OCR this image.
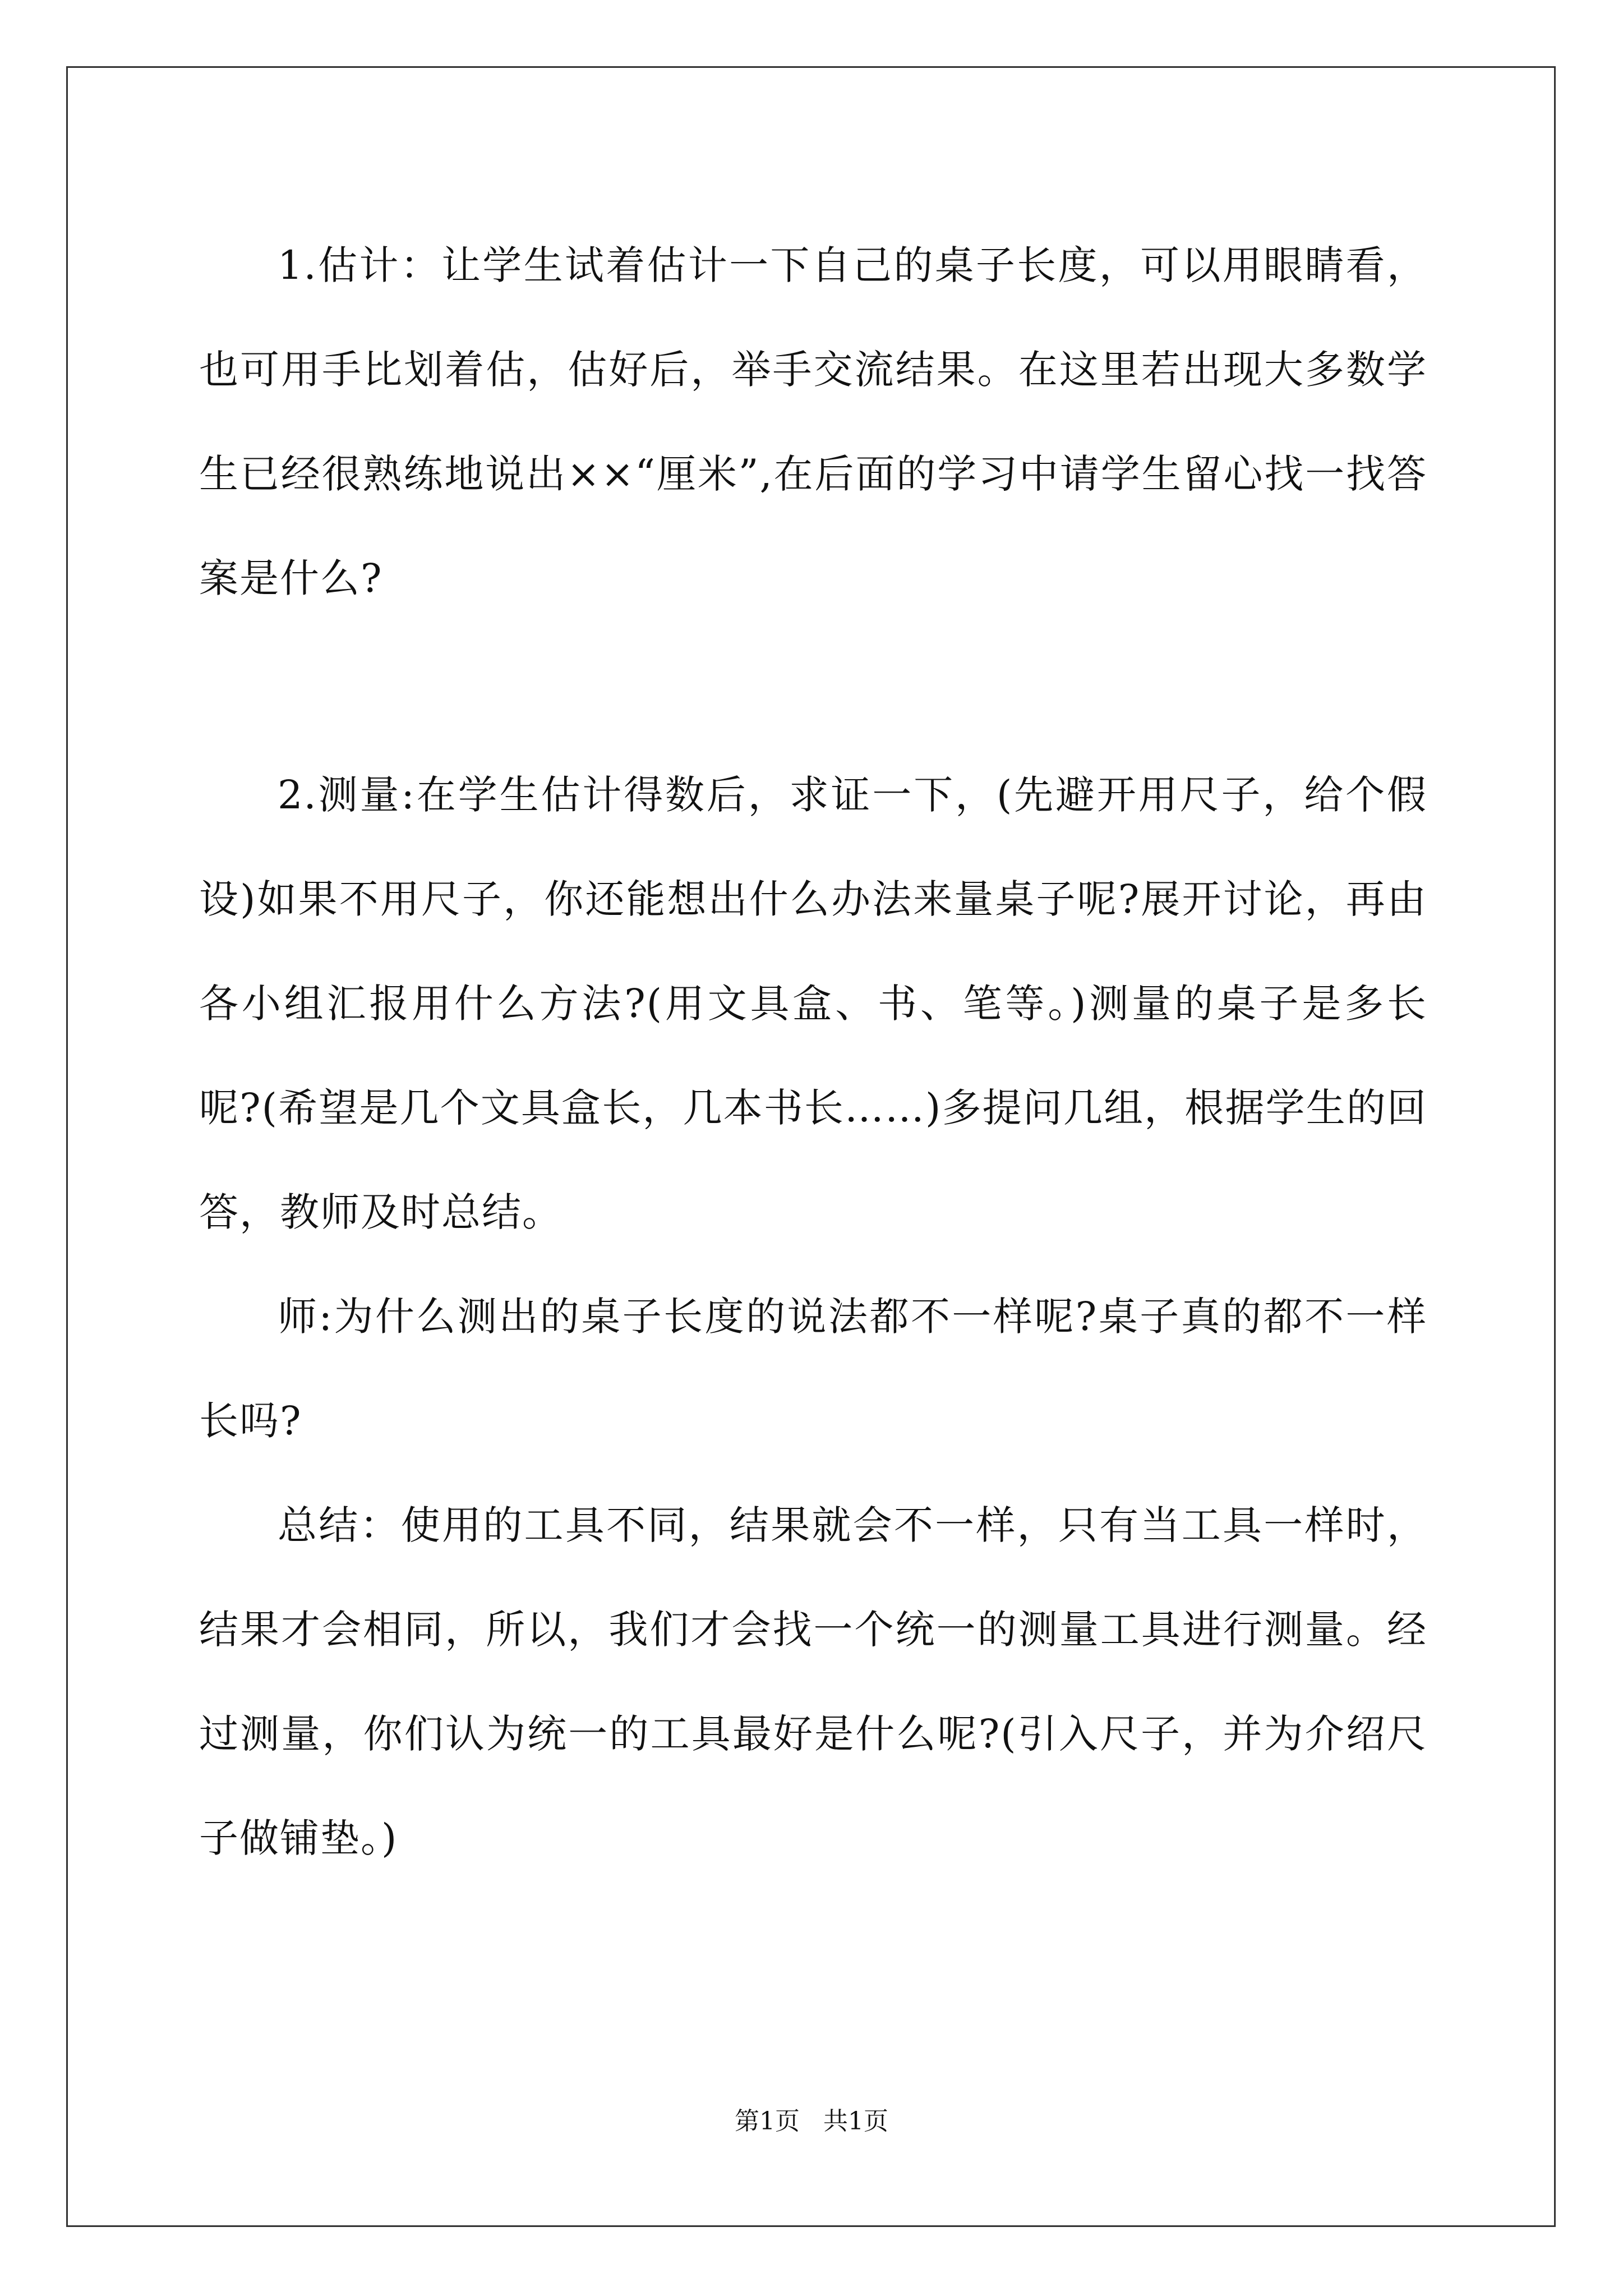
1.估计：让学生试着估计一下自己的桌子长度，可以用眼睛看，也可用手比划着估，估好后，举手交流结果。在这里若出现大多数学生已经很熟练地说出××“厘米”,在后面的学习中请学生留心找一找答案是什么?

2.测量:在学生估计得数后，求证一下，(先避开用尺子，给个假设)如果不用尺子，你还能想出什么办法来量桌子呢?展开讨论，再由各小组汇报用什么方法?(用文具盒、书、笔等。)测量的桌子是多长呢?(希望是几个文具盒长，几本书长……)多提问几组，根据学生的回答，教师及时总结。

师:为什么测出的桌子长度的说法都不一样呢?桌子真的都不一样长吗?

总结：使用的工具不同，结果就会不一样，只有当工具一样时，结果才会相同，所以，我们才会找一个统一的测量工具进行测量。经过测量，你们认为统一的工具最好是什么呢?(引入尺子，并为介绍尺子做铺垫。)

第1页   共1页
